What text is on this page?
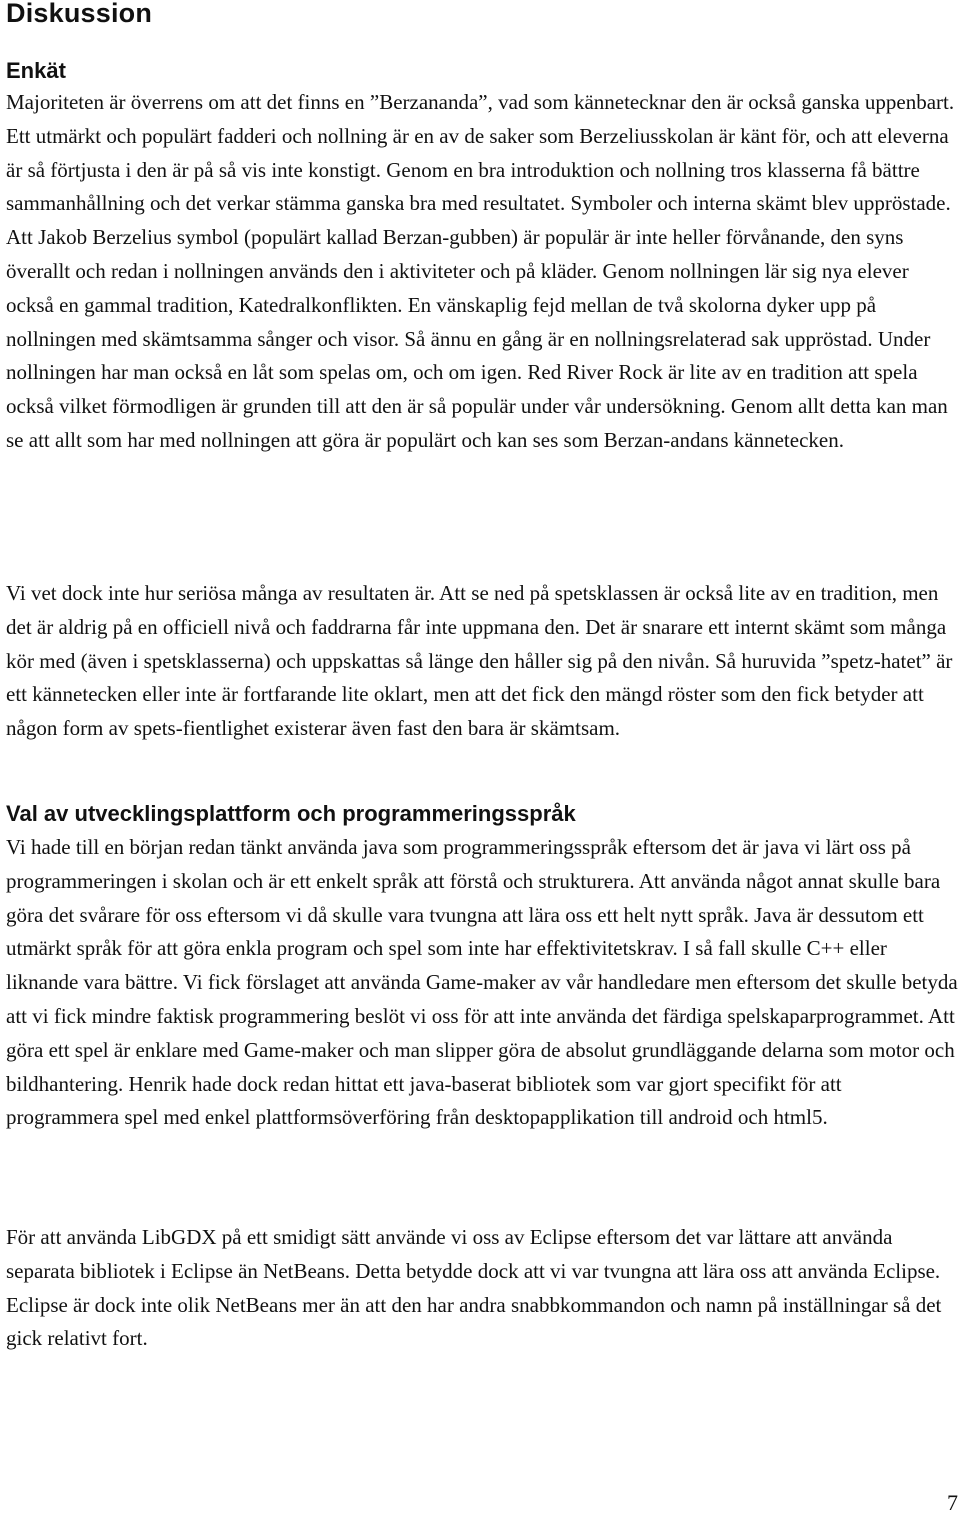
Diskussion
Enkät

Majoriteten är överrens om att det finns en ”Berzananda”, vad som kännetecknar den är också ganska uppenbart. Ett utmärkt och populärt fadderi och nollning är en av de saker som Berzeliusskolan är känt för, och att eleverna är så förtjusta i den är på så vis inte konstigt. Genom en bra introduktion och nollning tros klasserna få bättre sammanhållning och det verkar stämma ganska bra med resultatet. Symboler och interna skämt blev uppröstade. Att Jakob Berzelius symbol (populärt kallad Berzan-gubben) är populär är inte heller förvånande, den syns överallt och redan i nollningen används den i aktiviteter och på kläder. Genom nollningen lär sig nya elever också en gammal tradition, Katedralkonflikten. En vänskaplig fejd mellan de två skolorna dyker upp på nollningen med skämtsamma sånger och visor. Så ännu en gång är en nollningsrelaterad sak uppröstad. Under nollningen har man också en låt som spelas om, och om igen. Red River Rock är lite av en tradition att spela också vilket förmodligen är grunden till att den är så populär under vår undersökning. Genom allt detta kan man se att allt som har med nollningen att göra är populärt och kan ses som Berzan-andans kännetecken.

Vi vet dock inte hur seriösa många av resultaten är. Att se ned på spetsklassen är också lite av en tradition, men det är aldrig på en officiell nivå och faddrarna får inte uppmana den. Det är snarare ett internt skämt som många kör med (även i spetsklasserna) och uppskattas så länge den håller sig på den nivån. Så huruvida ”spetz-hatet” är ett kännetecken eller inte är fortfarande lite oklart, men att det fick den mängd röster som den fick betyder att någon form av spets-fientlighet existerar även fast den bara är skämtsam.

Val av utvecklingsplattform och programmeringsspråk

Vi hade till en början redan tänkt använda java som programmeringsspråk eftersom det är java vi lärt oss på programmeringen i skolan och är ett enkelt språk att förstå och strukturera. Att använda något annat skulle bara göra det svårare för oss eftersom vi då skulle vara tvungna att lära oss ett helt nytt språk. Java är dessutom ett utmärkt språk för att göra enkla program och spel som inte har effektivitetskrav. I så fall skulle C++ eller liknande vara bättre. Vi fick förslaget att använda Game-maker av vår handledare men eftersom det skulle betyda att vi fick mindre faktisk programmering beslöt vi oss för att inte använda det färdiga spelskaparprogrammet. Att göra ett spel är enklare med Game-maker och man slipper göra de absolut grundläggande delarna som motor och bildhantering. Henrik hade dock redan hittat ett java-baserat bibliotek som var gjort specifikt för att programmera spel med enkel plattformsöverföring från desktopapplikation till android och html5.

För att använda LibGDX på ett smidigt sätt använde vi oss av Eclipse eftersom det var lättare att använda separata bibliotek i Eclipse än NetBeans. Detta betydde dock att vi var tvungna att lära oss att använda Eclipse. Eclipse är dock inte olik NetBeans mer än att den har andra snabbkommandon och namn på inställningar så det gick relativt fort.

7
